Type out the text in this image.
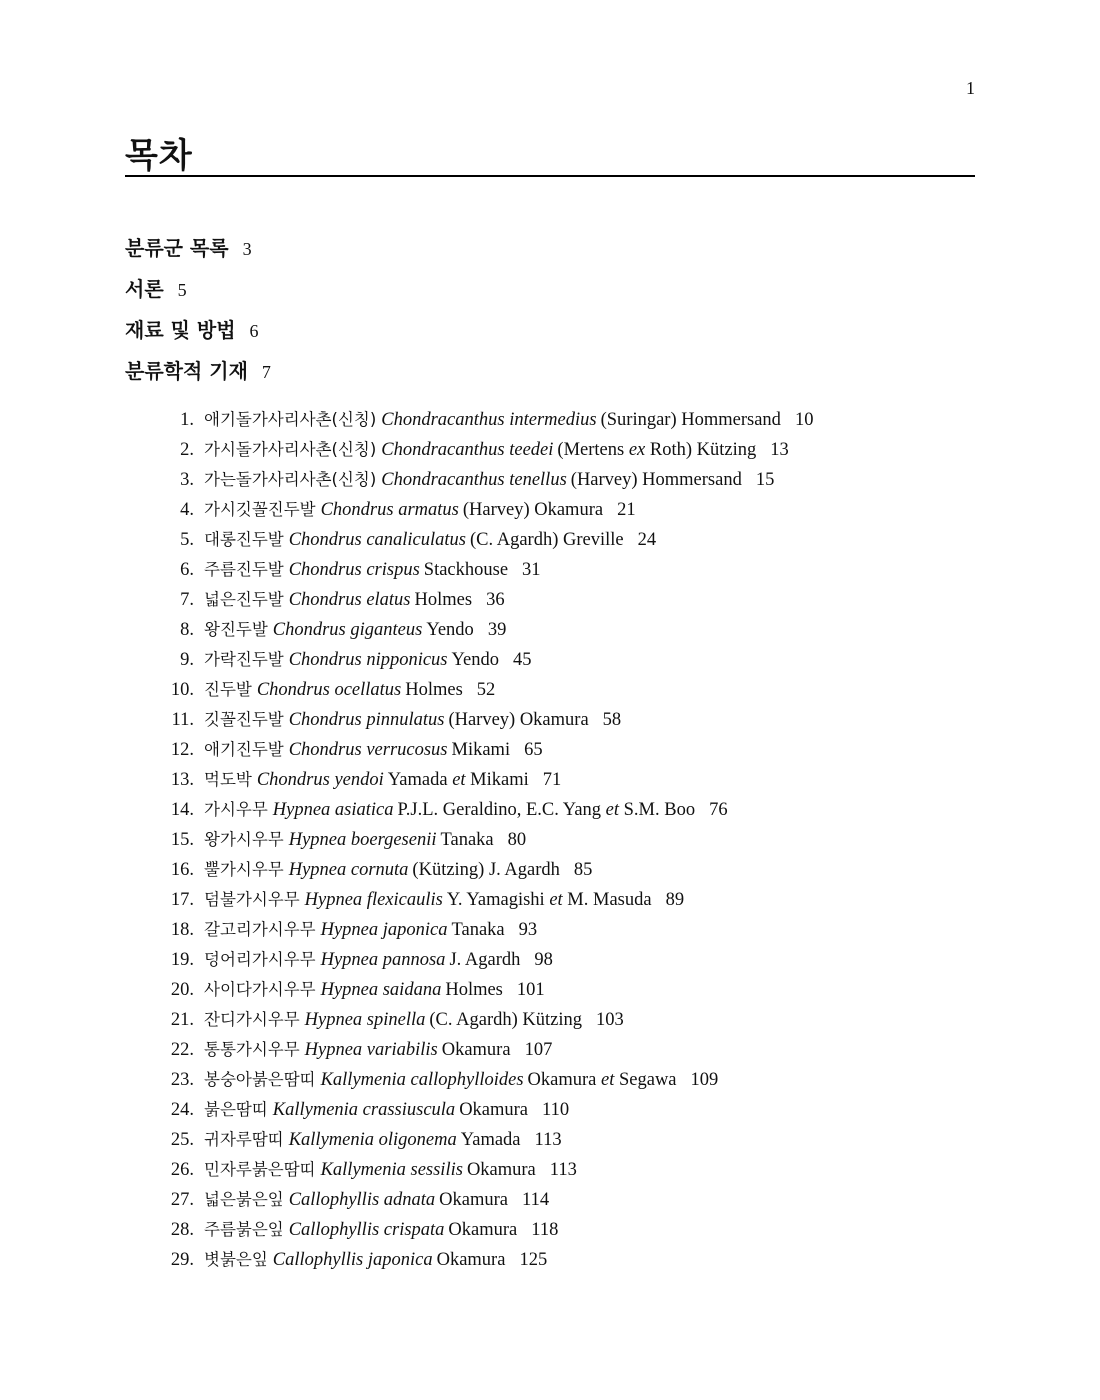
1
목차
분류군 목록 3
서론 5
재료 및 방법 6
분류학적 기재 7
1. 애기돌가사리사촌(신칭) Chondracanthus intermedius (Suringar) Hommersand 10
2. 가시돌가사리사촌(신칭) Chondracanthus teedei (Mertens ex Roth) Kützing 13
3. 가는돌가사리사촌(신칭) Chondracanthus tenellus (Harvey) Hommersand 15
4. 가시깃꼴진두발 Chondrus armatus (Harvey) Okamura 21
5. 대롱진두발 Chondrus canaliculatus (C. Agardh) Greville 24
6. 주름진두발 Chondrus crispus Stackhouse 31
7. 넓은진두발 Chondrus elatus Holmes 36
8. 왕진두발 Chondrus giganteus Yendo 39
9. 가락진두발 Chondrus nipponicus Yendo 45
10. 진두발 Chondrus ocellatus Holmes 52
11. 깃꼴진두발 Chondrus pinnulatus (Harvey) Okamura 58
12. 애기진두발 Chondrus verrucosus Mikami 65
13. 먹도박 Chondrus yendoi Yamada et Mikami 71
14. 가시우무 Hypnea asiatica P.J.L. Geraldino, E.C. Yang et S.M. Boo 76
15. 왕가시우무 Hypnea boergesenii Tanaka 80
16. 뿔가시우무 Hypnea cornuta (Kützing) J. Agardh 85
17. 덤불가시우무 Hypnea flexicaulis Y. Yamagishi et M. Masuda 89
18. 갈고리가시우무 Hypnea japonica Tanaka 93
19. 덩어리가시우무 Hypnea pannosa J. Agardh 98
20. 사이다가시우무 Hypnea saidana Holmes 101
21. 잔디가시우무 Hypnea spinella (C. Agardh) Kützing 103
22. 통통가시우무 Hypnea variabilis Okamura 107
23. 봉숭아붉은땀띠 Kallymenia callophylloides Okamura et Segawa 109
24. 붉은땀띠 Kallymenia crassiuscula Okamura 110
25. 귀자루땀띠 Kallymenia oligonema Yamada 113
26. 민자루붉은땀띠 Kallymenia sessilis Okamura 113
27. 넓은붉은잎 Callophyllis adnata Okamura 114
28. 주름붉은잎 Callophyllis crispata Okamura 118
29. 볏붉은잎 Callophyllis japonica Okamura 125
